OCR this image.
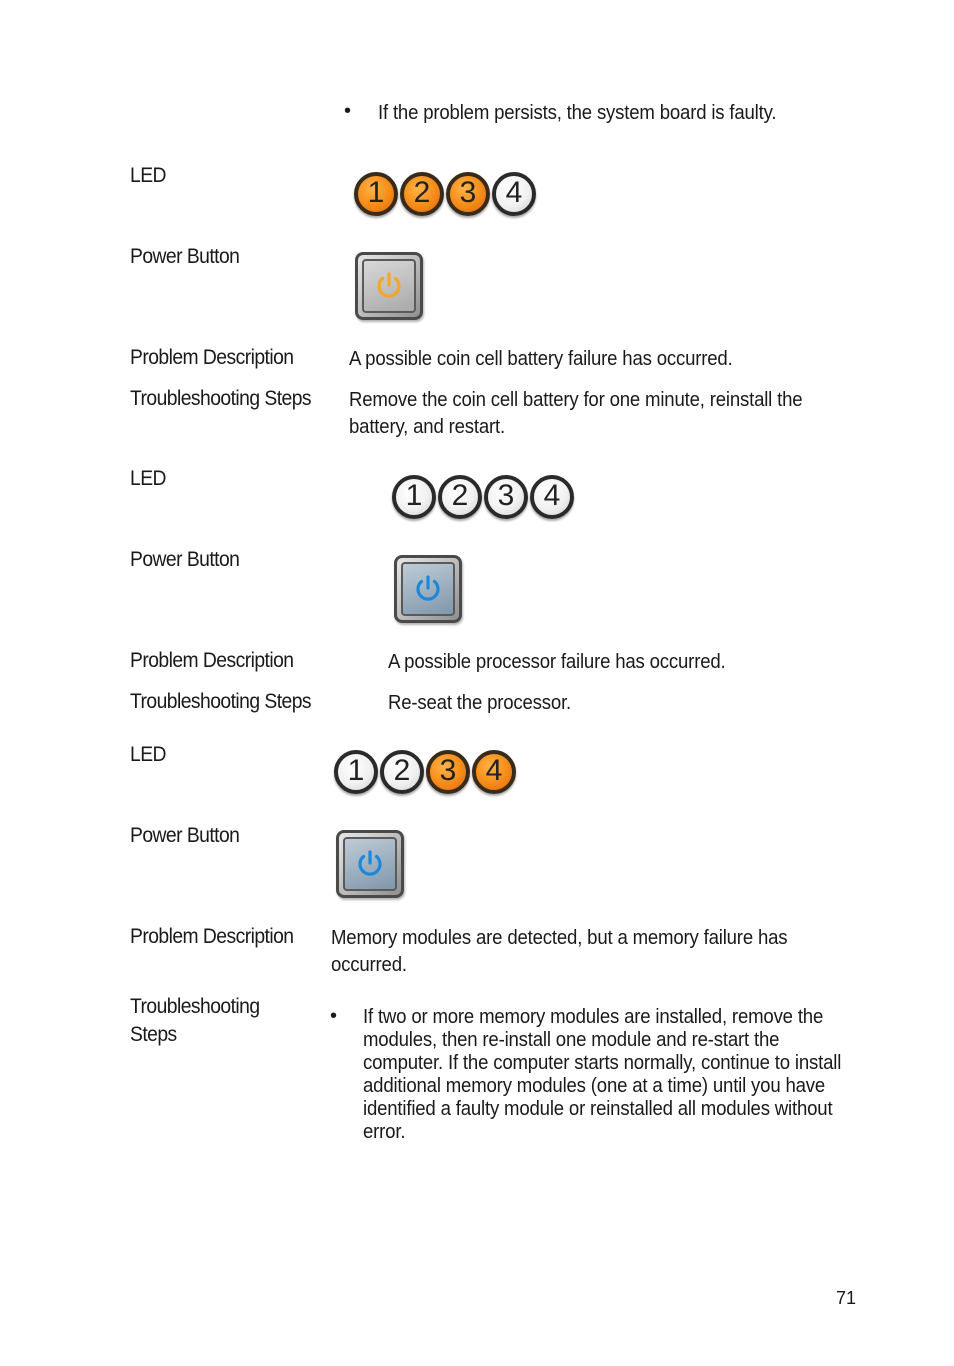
• If the problem persists, the system board is faulty.
LED
1 2 3 4
Power Button
Problem Description	A possible coin cell battery failure has occurred.
Troubleshooting Steps Remove the coin cell battery for one minute, reinstall the battery, and restart.
LED
1 2 3 4
Power Button
Problem Description	A possible processor failure has occurred.
Troubleshooting Steps	Re-seat the processor.
LED	1 2 3 4
Power Button
Problem Description Memory modules are detected, but a memory failure has occurred.
Troubleshooting
Steps
• If two or more memory modules are installed, remove the modules, then re-install one module and re-start the computer. If the computer starts normally, continue to install additional memory modules (one at a time) until you have identified a faulty module or reinstalled all modules without error.
71
